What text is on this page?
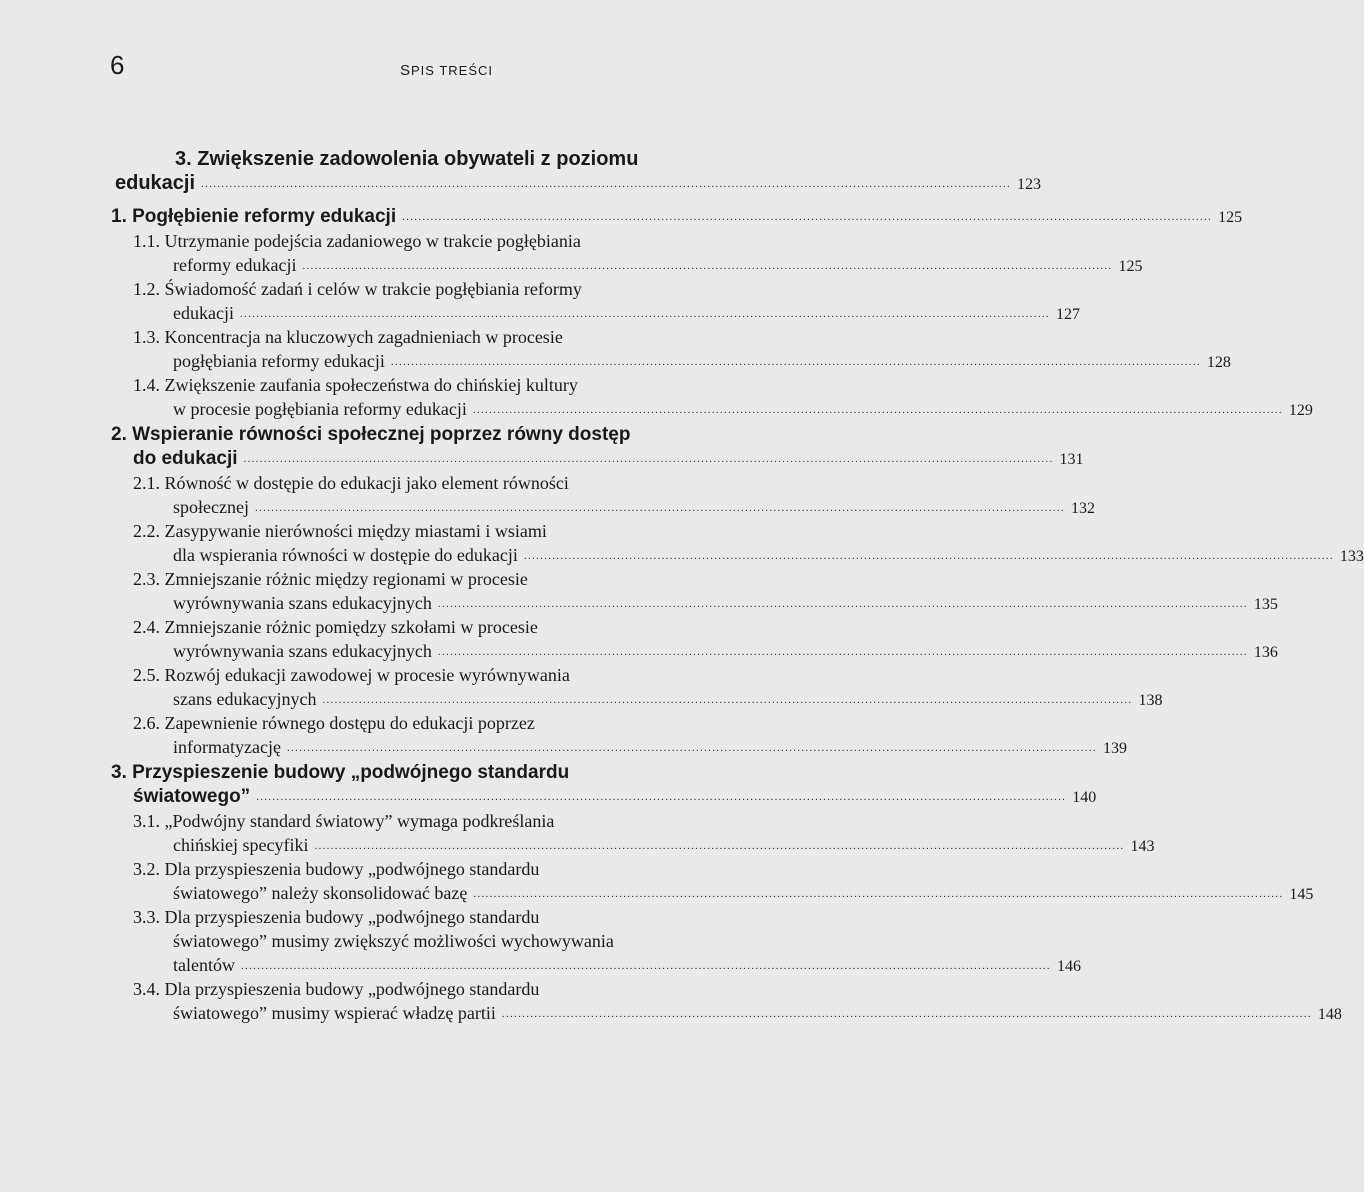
6	SPIS TREŚCI
3. Zwiększenie zadowolenia obywateli z poziomu
edukacji ........................................................................................................................................................................................................ 123
1. Pogłębienie reformy edukacji ........................................................................................................................................................................................................ 125
1.1. Utrzymanie podejścia zadaniowego w trakcie pogłębiania
reformy edukacji ........................................................................................................................................................................................................ 125
1.2. Świadomość zadań i celów w trakcie pogłębiania reformy
edukacji ........................................................................................................................................................................................................ 127
1.3. Koncentracja na kluczowych zagadnieniach w procesie
pogłębiania reformy edukacji ........................................................................................................................................................................................................ 128
1.4. Zwiększenie zaufania społeczeństwa do chińskiej kultury
w procesie pogłębiania reformy edukacji ........................................................................................................................................................................................................ 129
2. Wspieranie równości społecznej poprzez równy dostęp
do edukacji ........................................................................................................................................................................................................ 131
2.1. Równość w dostępie do edukacji jako element równości
społecznej ........................................................................................................................................................................................................ 132
2.2. Zasypywanie nierówności między miastami i wsiami
dla wspierania równości w dostępie do edukacji ........................................................................................................................................................................................................ 133
2.3. Zmniejszanie różnic między regionami w procesie
wyrównywania szans edukacyjnych ........................................................................................................................................................................................................ 135
2.4. Zmniejszanie różnic pomiędzy szkołami w procesie
wyrównywania szans edukacyjnych ........................................................................................................................................................................................................ 136
2.5. Rozwój edukacji zawodowej w procesie wyrównywania
szans edukacyjnych ........................................................................................................................................................................................................ 138
2.6. Zapewnienie równego dostępu do edukacji poprzez
informatyzację ........................................................................................................................................................................................................ 139
3. Przyspieszenie budowy „podwójnego standardu
światowego” ........................................................................................................................................................................................................ 140
3.1. „Podwójny standard światowy” wymaga podkreślania
chińskiej specyfiki ........................................................................................................................................................................................................ 143
3.2. Dla przyspieszenia budowy „podwójnego standardu
światowego” należy skonsolidować bazę ........................................................................................................................................................................................................ 145
3.3. Dla przyspieszenia budowy „podwójnego standardu
światowego” musimy zwiększyć możliwości wychowywania
talentów ........................................................................................................................................................................................................ 146
3.4. Dla przyspieszenia budowy „podwójnego standardu
światowego” musimy wspierać władzę partii ........................................................................................................................................................................................................ 148
